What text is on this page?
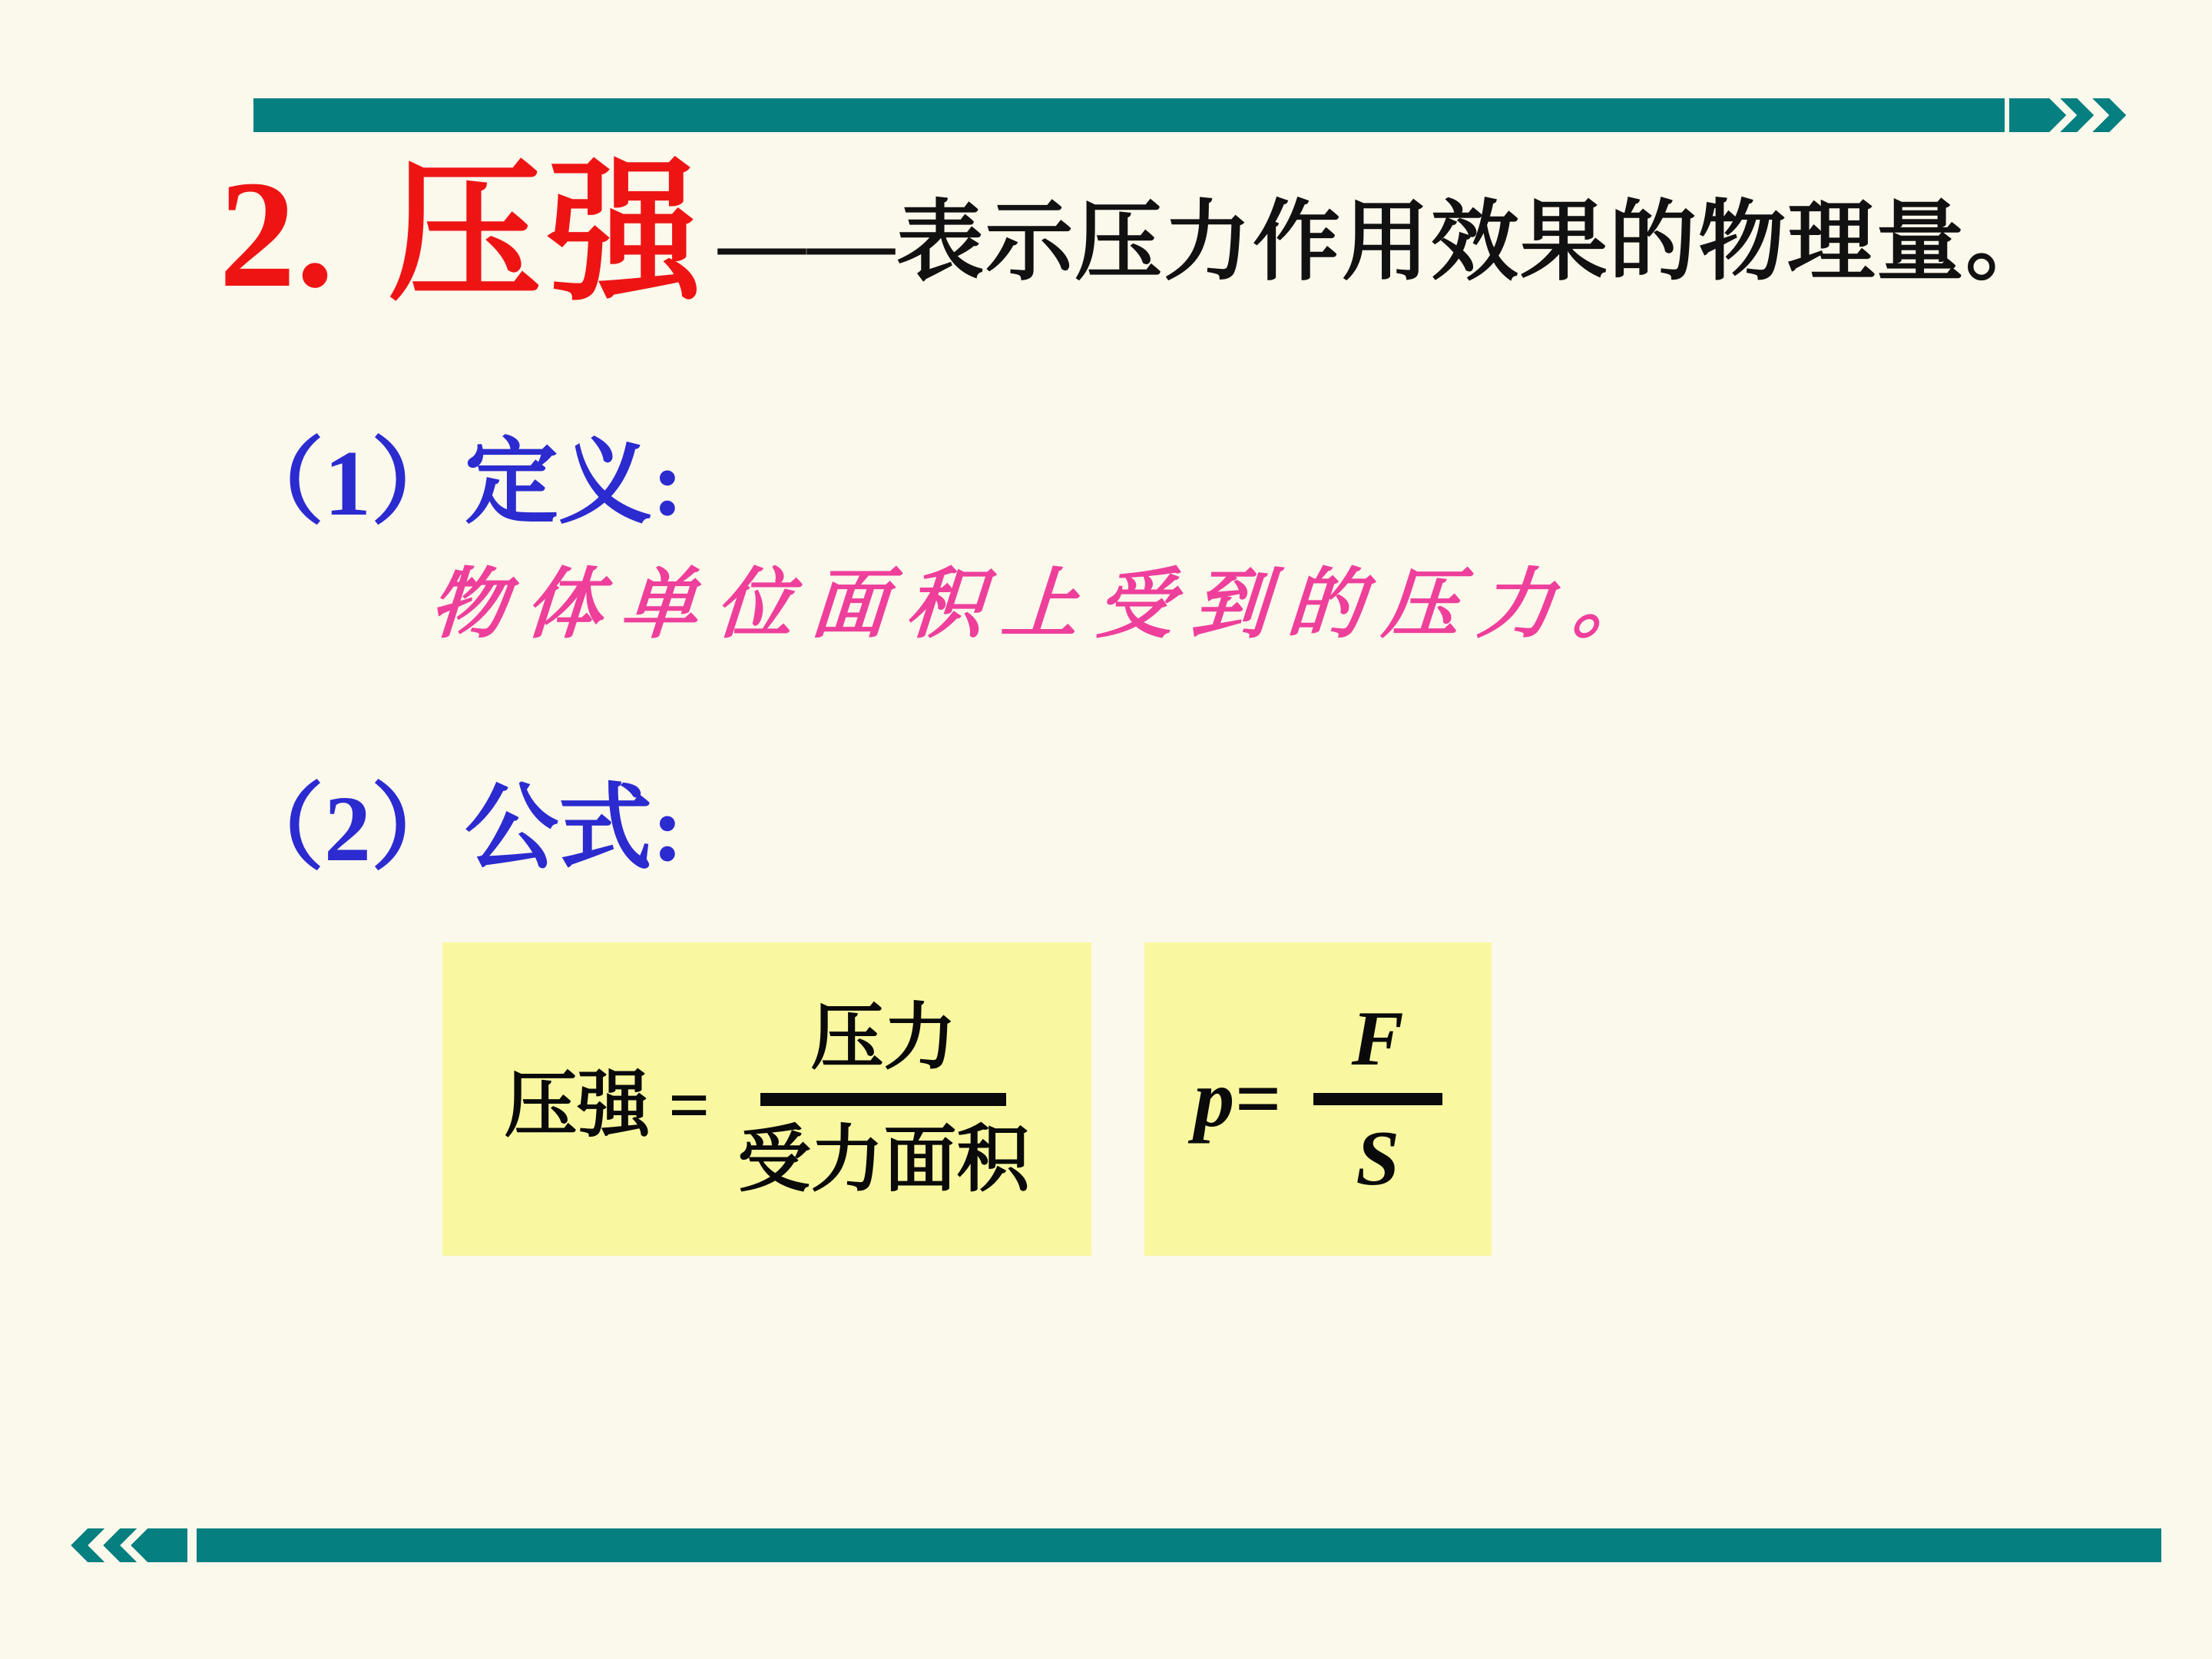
2. 压强 ——表示压力作用效果的物理量。
（1）定义:
物体单位面积上受到的压力。
（2）公式:
压强 =
压力
受力面积
p=
F
S
